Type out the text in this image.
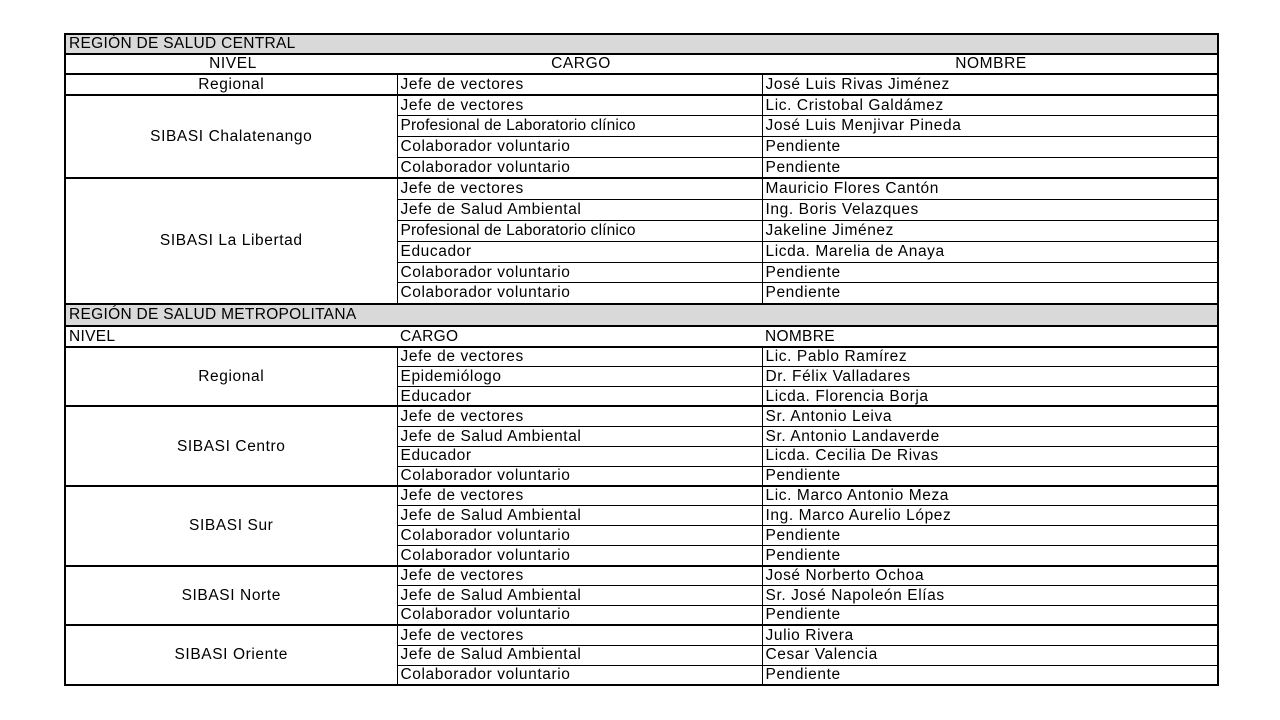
REGIÓN DE SALUD CENTRAL		
NIVEL	CARGO	NOMBRE
Regional	Jefe de vectores	José Luis Rivas Jiménez
SIBASI Chalatenango	Jefe de vectores	Lic. Cristobal Galdámez
	Profesional de Laboratorio clínico	José Luis Menjivar Pineda
	Colaborador voluntario	Pendiente
	Colaborador voluntario	Pendiente
SIBASI La Libertad	Jefe de vectores	Mauricio Flores Cantón
	Jefe de Salud Ambiental	Ing. Boris Velazques
	Profesional de Laboratorio clínico	Jakeline Jiménez
	Educador	Licda. Marelia de Anaya
	Colaborador voluntario	Pendiente
	Colaborador voluntario	Pendiente
REGIÓN DE SALUD METROPOLITANA		
NIVEL	CARGO	NOMBRE
Regional	Jefe de vectores	Lic. Pablo Ramírez
	Epidemiólogo	Dr. Félix Valladares
	Educador	Licda. Florencia Borja
SIBASI Centro	Jefe de vectores	Sr. Antonio Leiva
	Jefe de Salud Ambiental	Sr. Antonio Landaverde
	Educador	Licda. Cecilia De Rivas
	Colaborador voluntario	Pendiente
SIBASI Sur	Jefe de vectores	Lic. Marco Antonio Meza
	Jefe de Salud Ambiental	Ing. Marco Aurelio López
	Colaborador voluntario	Pendiente
	Colaborador voluntario	Pendiente
SIBASI Norte	Jefe de vectores	José Norberto Ochoa
	Jefe de Salud Ambiental	Sr. José Napoleón Elías
	Colaborador voluntario	Pendiente
SIBASI Oriente	Jefe de vectores	Julio Rivera
	Jefe de Salud Ambiental	Cesar Valencia
	Colaborador voluntario	Pendiente
